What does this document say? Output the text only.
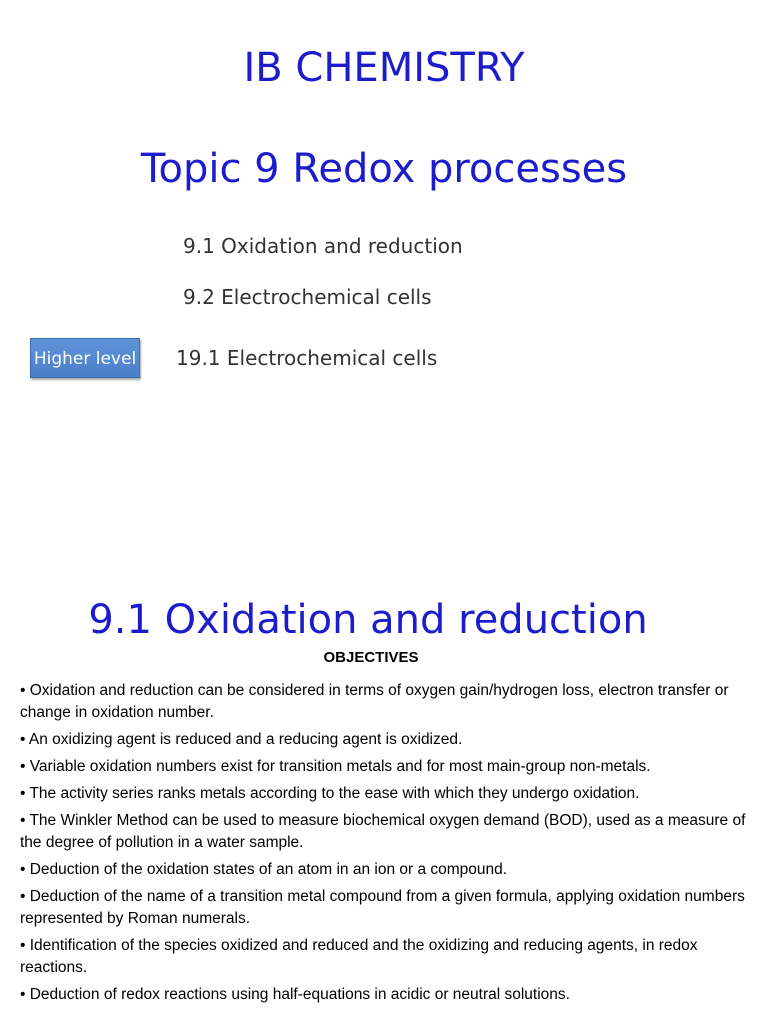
IB CHEMISTRY
Topic 9 Redox processes
9.1 Oxidation and reduction
9.2 Electrochemical cells
Higher level 19.1 Electrochemical cells
9.1 Oxidation and reduction
OBJECTIVES
• Oxidation and reduction can be considered in terms of oxygen gain/hydrogen loss, electron transfer or change in oxidation number.
• An oxidizing agent is reduced and a reducing agent is oxidized.
• Variable oxidation numbers exist for transition metals and for most main-group non-metals.
• The activity series ranks metals according to the ease with which they undergo oxidation.
• The Winkler Method can be used to measure biochemical oxygen demand (BOD), used as a measure of the degree of pollution in a water sample.
• Deduction of the oxidation states of an atom in an ion or a compound.
• Deduction of the name of a transition metal compound from a given formula, applying oxidation numbers represented by Roman numerals.
• Identification of the species oxidized and reduced and the oxidizing and reducing agents, in redox reactions.
• Deduction of redox reactions using half-equations in acidic or neutral solutions.
